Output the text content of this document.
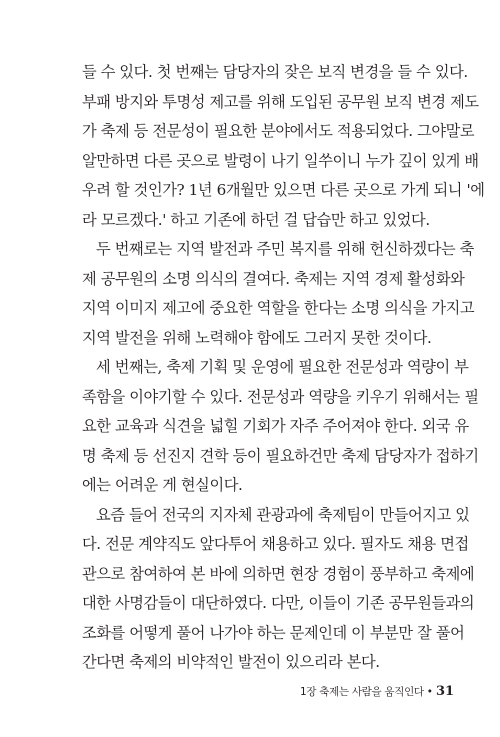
들 수 있다. 첫 번째는 담당자의 잦은 보직 변경을 들 수 있다.
부패 방지와 투명성 제고를 위해 도입된 공무원 보직 변경 제도
가 축제 등 전문성이 필요한 분야에서도 적용되었다. 그야말로
알만하면 다른 곳으로 발령이 나기 일쑤이니 누가 깊이 있게 배
우려 할 것인가? 1년 6개월만 있으면 다른 곳으로 가게 되니 '에
라 모르겠다.' 하고 기존에 하던 걸 답습만 하고 있었다.
두 번째로는 지역 발전과 주민 복지를 위해 헌신하겠다는 축
제 공무원의 소명 의식의 결여다. 축제는 지역 경제 활성화와
지역 이미지 제고에 중요한 역할을 한다는 소명 의식을 가지고
지역 발전을 위해 노력해야 함에도 그러지 못한 것이다.
세 번째는, 축제 기획 및 운영에 필요한 전문성과 역량이 부
족함을 이야기할 수 있다. 전문성과 역량을 키우기 위해서는 필
요한 교육과 식견을 넓힐 기회가 자주 주어져야 한다. 외국 유
명 축제 등 선진지 견학 등이 필요하건만 축제 담당자가 접하기
에는 어려운 게 현실이다.
요즘 들어 전국의 지자체 관광과에 축제팀이 만들어지고 있
다. 전문 계약직도 앞다투어 채용하고 있다. 필자도 채용 면접
관으로 참여하여 본 바에 의하면 현장 경험이 풍부하고 축제에
대한 사명감들이 대단하였다. 다만, 이들이 기존 공무원들과의
조화를 어떻게 풀어 나가야 하는 문제인데 이 부분만 잘 풀어
간다면 축제의 비약적인 발전이 있으리라 본다.
1장 축제는 사람을 움직인다 • 31
